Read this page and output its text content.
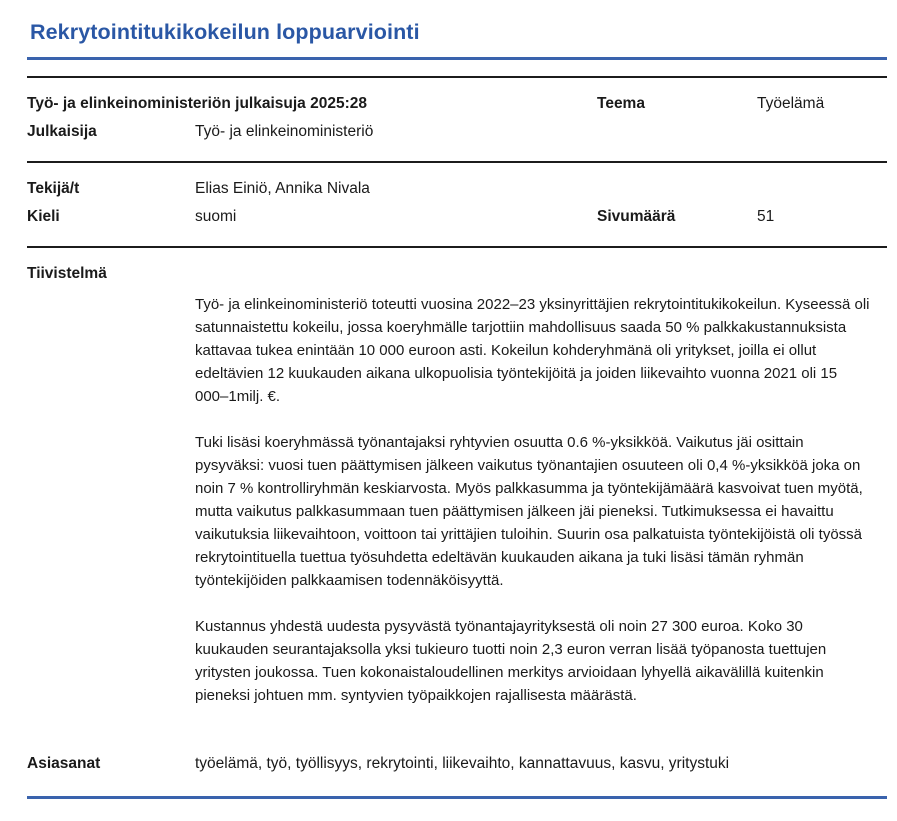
Rekrytointitukikokeilun loppuarviointi
Työ- ja elinkeinoministeriön julkaisuja 2025:28	Teema	Työelämä
Julkaisija	Työ- ja elinkeinoministeriö
Tekijä/t	Elias Einiö, Annika Nivala
Kieli	suomi	Sivumäärä	51
Tiivistelmä

Työ- ja elinkeinoministeriö toteutti vuosina 2022–23 yksinyrittäjien rekrytointitukikokeilun. Kyseessä oli satunnaistettu kokeilu, jossa koeryhmälle tarjottiin mahdollisuus saada 50 % palkkakustannuksista kattavaa tukea enintään 10 000 euroon asti. Kokeilun kohderyhmänä oli yritykset, joilla ei ollut edeltävien 12 kuukauden aikana ulkopuolisia työntekijöitä ja joiden liikevaihto vuonna 2021 oli 15 000–1milj. €.

Tuki lisäsi koeryhmässä työnantajaksi ryhtyvien osuutta 0.6 %-yksikköä. Vaikutus jäi osittain pysyväksi: vuosi tuen päättymisen jälkeen vaikutus työnantajien osuuteen oli 0,4 %-yksikköä joka on noin 7 % kontrolliryhmän keskiarvosta. Myös palkkasumma ja työntekijämäärä kasvoivat tuen myötä, mutta vaikutus palkkasummaan tuen päättymisen jälkeen jäi pieneksi. Tutkimuksessa ei havaittu vaikutuksia liikevaihtoon, voittoon tai yrittäjien tuloihin. Suurin osa palkatuista työntekijöistä oli työssä rekrytointituella tuettua työsuhdetta edeltävän kuukauden aikana ja tuki lisäsi tämän ryhmän työntekijöiden palkkaamisen todennäköisyyttä.

Kustannus yhdestä uudesta pysyvästä työnantajayrityksestä oli noin 27 300 euroa. Koko 30 kuukauden seurantajaksolla yksi tukieuro tuotti noin 2,3 euron verran lisää työpanosta tuettujen yritysten joukossa. Tuen kokonaistaloudellinen merkitys arvioidaan lyhyellä aikavälillä kuitenkin pieneksi johtuen mm. syntyvien työpaikkojen rajallisesta määrästä.

Asiasanat	työelämä, työ, työllisyys, rekrytointi, liikevaihto, kannattavuus, kasvu, yritystuki
